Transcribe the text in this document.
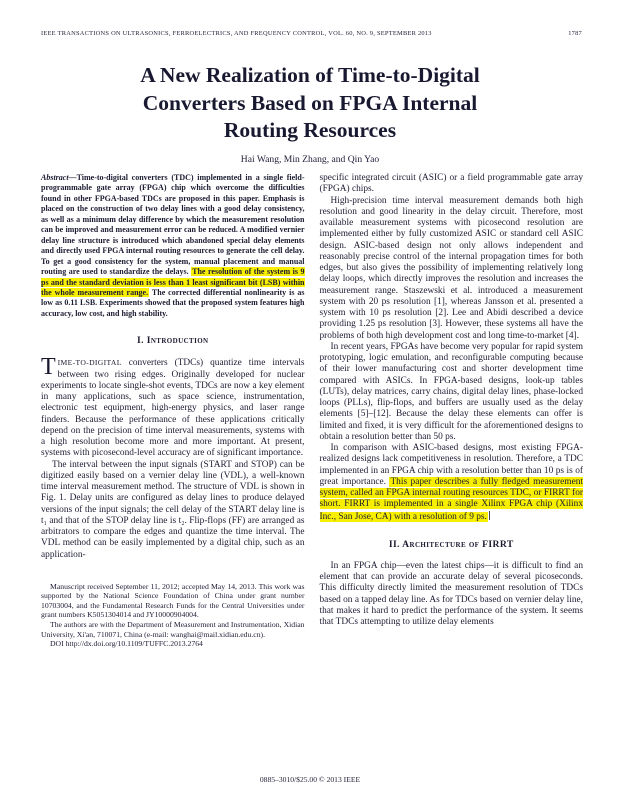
IEEE TRANSACTIONS ON ULTRASONICS, FERROELECTRICS, AND FREQUENCY CONTROL, VOL. 60, NO. 9, SEPTEMBER 2013	1787
A New Realization of Time-to-Digital
Converters Based on FPGA Internal
Routing Resources
Hai Wang, Min Zhang, and Qin Yao

Abstract—Time-to-digital converters (TDC) implemented in a single field-programmable gate array (FPGA) chip which overcome the difficulties found in other FPGA-based TDCs are proposed in this paper. Emphasis is placed on the construction of two delay lines with a good delay consistency, as well as a minimum delay difference by which the measurement resolution can be improved and measurement error can be reduced. A modified vernier delay line structure is introduced which abandoned special delay elements and directly used FPGA internal routing resources to generate the cell delay. To get a good consistency for the system, manual placement and manual routing are used to standardize the delays. The resolution of the system is 9 ps and the standard deviation is less than 1 least significant bit (LSB) within the whole measurement range. The corrected differential nonlinearity is as low as 0.11 LSB. Experiments showed that the proposed system features high accuracy, low cost, and high stability.

I. Introduction

TIME-TO-DIGITAL converters (TDCs) quantize time intervals between two rising edges. Originally developed for nuclear experiments to locate single-shot events, TDCs are now a key element in many applications, such as space science, instrumentation, electronic test equipment, high-energy physics, and laser range finders. Because the performance of these applications critically depend on the precision of time interval measurements, systems with a high resolution become more and more important. At present, systems with picosecond-level accuracy are of significant importance.

The interval between the input signals (START and STOP) can be digitized easily based on a vernier delay line (VDL), a well-known time interval measurement method. The structure of VDL is shown in Fig. 1. Delay units are configured as delay lines to produce delayed versions of the input signals; the cell delay of the START delay line is t₁ and that of the STOP delay line is t₂. Flip-flops (FF) are arranged as arbitrators to compare the edges and quantize the time interval. The VDL method can be easily implemented by a digital chip, such as an application-

Manuscript received September 11, 2012; accepted May 14, 2013. This work was supported by the National Science Foundation of China under grant number 10703004, and the Fundamental Research Funds for the Central Universities under grant numbers K5051304014 and JY10000904004.

The authors are with the Department of Measurement and Instrumentation, Xidian University, Xi'an, 710071, China (e-mail: wanghai@mail.xidian.edu.cn).

DOI http://dx.doi.org/10.1109/TUFFC.2013.2764

specific integrated circuit (ASIC) or a field programmable gate array (FPGA) chips.

High-precision time interval measurement demands both high resolution and good linearity in the delay circuit. Therefore, most available measurement systems with picosecond resolution are implemented either by fully customized ASIC or standard cell ASIC design. ASIC-based design not only allows independent and reasonably precise control of the internal propagation times for both edges, but also gives the possibility of implementing relatively long delay loops, which directly improves the resolution and increases the measurement range. Staszewski et al. introduced a measurement system with 20 ps resolution [1], whereas Jansson et al. presented a system with 10 ps resolution [2]. Lee and Abidi described a device providing 1.25 ps resolution [3]. However, these systems all have the problems of both high development cost and long time-to-market [4].

In recent years, FPGAs have become very popular for rapid system prototyping, logic emulation, and reconfigurable computing because of their lower manufacturing cost and shorter development time compared with ASICs. In FPGA-based designs, look-up tables (LUTs), delay matrices, carry chains, digital delay lines, phase-locked loops (PLLs), flip-flops, and buffers are usually used as the delay elements [5]–[12]. Because the delay these elements can offer is limited and fixed, it is very difficult for the aforementioned designs to obtain a resolution better than 50 ps.

In comparison with ASIC-based designs, most existing FPGA-realized designs lack competitiveness in resolution. Therefore, a TDC implemented in an FPGA chip with a resolution better than 10 ps is of great importance. This paper describes a fully fledged measurement system, called an FPGA internal routing resources TDC, or FIRRT for short. FIRRT is implemented in a single Xilinx FPGA chip (Xilinx Inc., San Jose, CA) with a resolution of 9 ps.

II. Architecture of FIRRT

In an FPGA chip—even the latest chips—it is difficult to find an element that can provide an accurate delay of several picoseconds. This difficulty directly limited the measurement resolution of TDCs based on a tapped delay line. As for TDCs based on vernier delay line, that makes it hard to predict the performance of the system. It seems that TDCs attempting to utilize delay elements

0885–3010/$25.00 © 2013 IEEE
